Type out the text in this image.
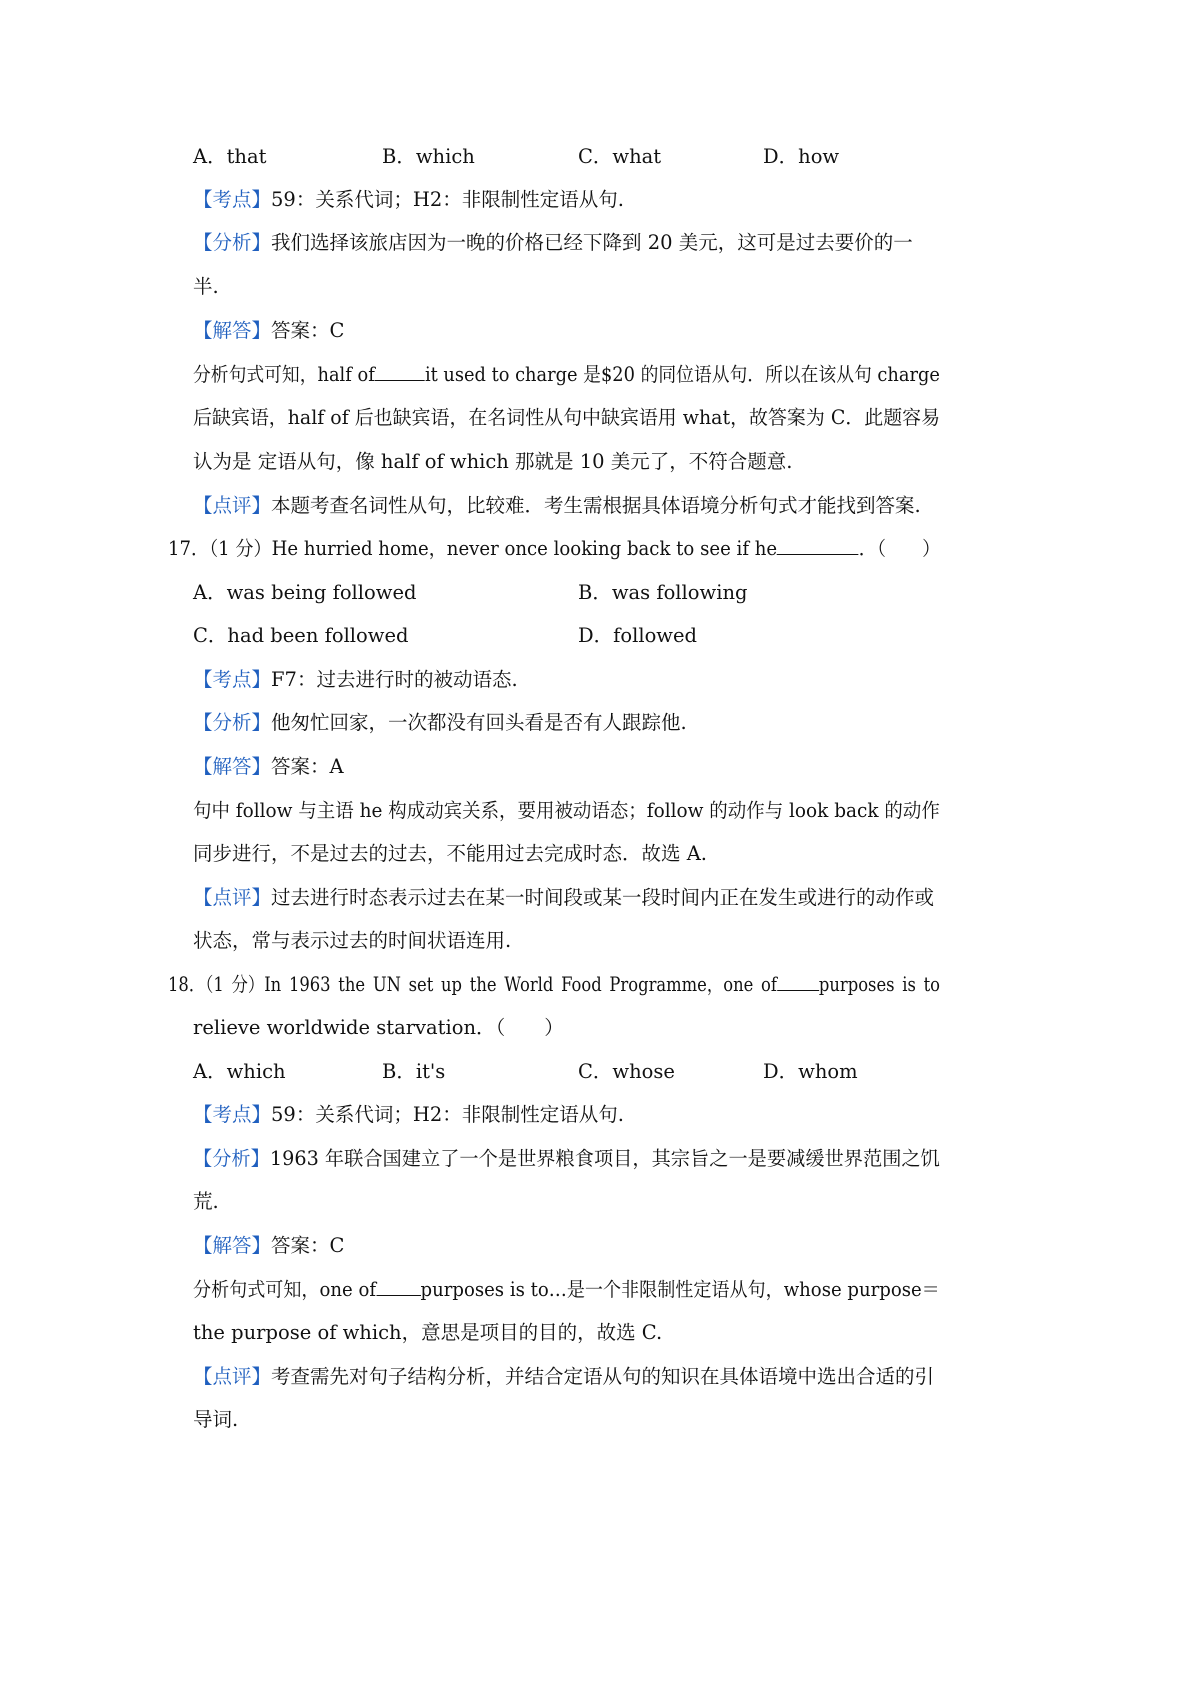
A．that	B．which	C．what	D．how
【考点】59：关系代词；H2：非限制性定语从句.
【分析】我们选择该旅店因为一晚的价格已经下降到 20 美元，这可是过去要价的一
半.
【解答】答案：C
分析句式可知，half of	it used to charge 是$20 的同位语从句．所以在该从句 charge
后缺宾语，half of 后也缺宾语，在名词性从句中缺宾语用 what，故答案为 C．此题容易
认为是 定语从句，像 half of which 那就是 10 美元了，不符合题意.
【点评】本题考查名词性从句，比较难．考生需根据具体语境分析句式才能找到答案.
17．（1 分）He hurried home，never once looking back to see if he	．（　　）
A．was being followed	B．was following
C．had been followed	D．followed
【考点】F7：过去进行时的被动语态.
【分析】他匆忙回家，一次都没有回头看是否有人跟踪他.
【解答】答案：A
句中 follow 与主语 he 构成动宾关系，要用被动语态；follow 的动作与 look back 的动作
同步进行，不是过去的过去，不能用过去完成时态．故选 A.
【点评】过去进行时态表示过去在某一时间段或某一段时间内正在发生或进行的动作或
状态，常与表示过去的时间状语连用.
18．（1 分）In 1963 the UN set up the World Food Programme，one of purposes is to
relieve worldwide starvation．（　　）
A．which	B．it's	C．whose	D．whom
【考点】59：关系代词；H2：非限制性定语从句.
【分析】1963 年联合国建立了一个是世界粮食项目，其宗旨之一是要减缓世界范围之饥
荒.
【解答】答案：C
分析句式可知，one of purposes is to…是一个非限制性定语从句，whose purpose＝
the purpose of which，意思是项目的目的，故选 C.
【点评】考查需先对句子结构分析，并结合定语从句的知识在具体语境中选出合适的引
导词.
